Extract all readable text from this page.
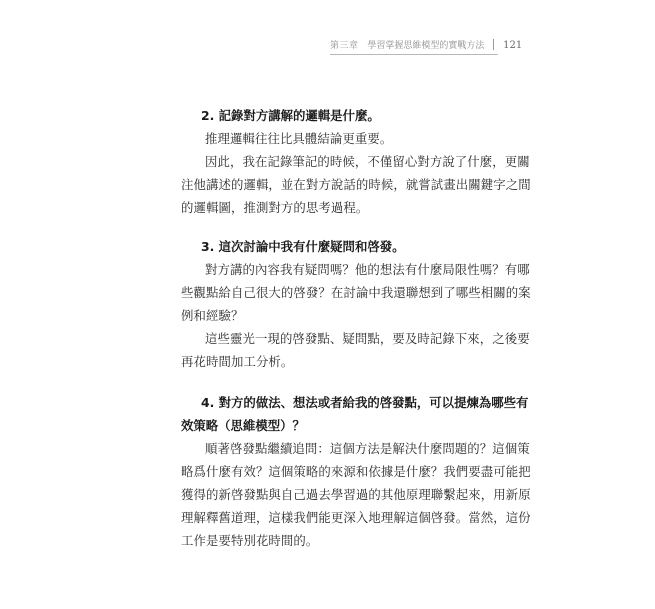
第三章 學習掌握思維模型的實戰方法 121

2. 記錄對方講解的邏輯是什麼。

推理邏輯往往比具體結論更重要。

因此，我在記錄筆記的時候，不僅留心對方說了什麼，更關
注他講述的邏輯，並在對方說話的時候，就嘗試畫出關鍵字之間
的邏輯圖，推測對方的思考過程。

3. 這次討論中我有什麼疑問和啓發。

對方講的內容我有疑問嗎？他的想法有什麼局限性嗎？有哪
些觀點給自己很大的啓發？在討論中我還聯想到了哪些相關的案
例和經驗？

這些靈光一現的啓發點、疑問點，要及時記錄下來，之後要
再花時間加工分析。

4. 對方的做法、想法或者給我的啓發點，可以提煉為哪些有
效策略（思維模型）？

順著啓發點繼續追問：這個方法是解決什麼問題的？這個策
略爲什麼有效？這個策略的來源和依據是什麼？我們要盡可能把
獲得的新啓發點與自己過去學習過的其他原理聯繫起來，用新原
理解釋舊道理，這樣我們能更深入地理解這個啓發。當然，這份
工作是要特別花時間的。
